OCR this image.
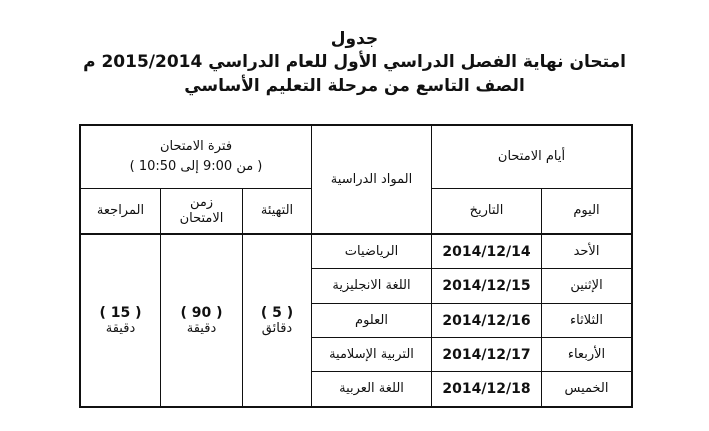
جدول
امتحان نهاية الفصل الدراسي الأول للعام الدراسي 2015/2014 م
الصف التاسع من مرحلة التعليم الأساسي
أيام الامتحان
اليوم
التاريخ
المواد الدراسية
فترة الامتحان
( من 9:00 إلى 10:50 )
التهيئة
زمن
الامتحان
المراجعة
الأحد
2014/12/14
الرياضيات
الإثنين
2014/12/15
اللغة الانجليزية
الثلاثاء
2014/12/16
العلوم
الأربعاء
2014/12/17
التربية الإسلامية
الخميس
2014/12/18
اللغة العربية
( 5 )
دقائق
( 90 )
دقيقة
( 15 )
دقيقة
